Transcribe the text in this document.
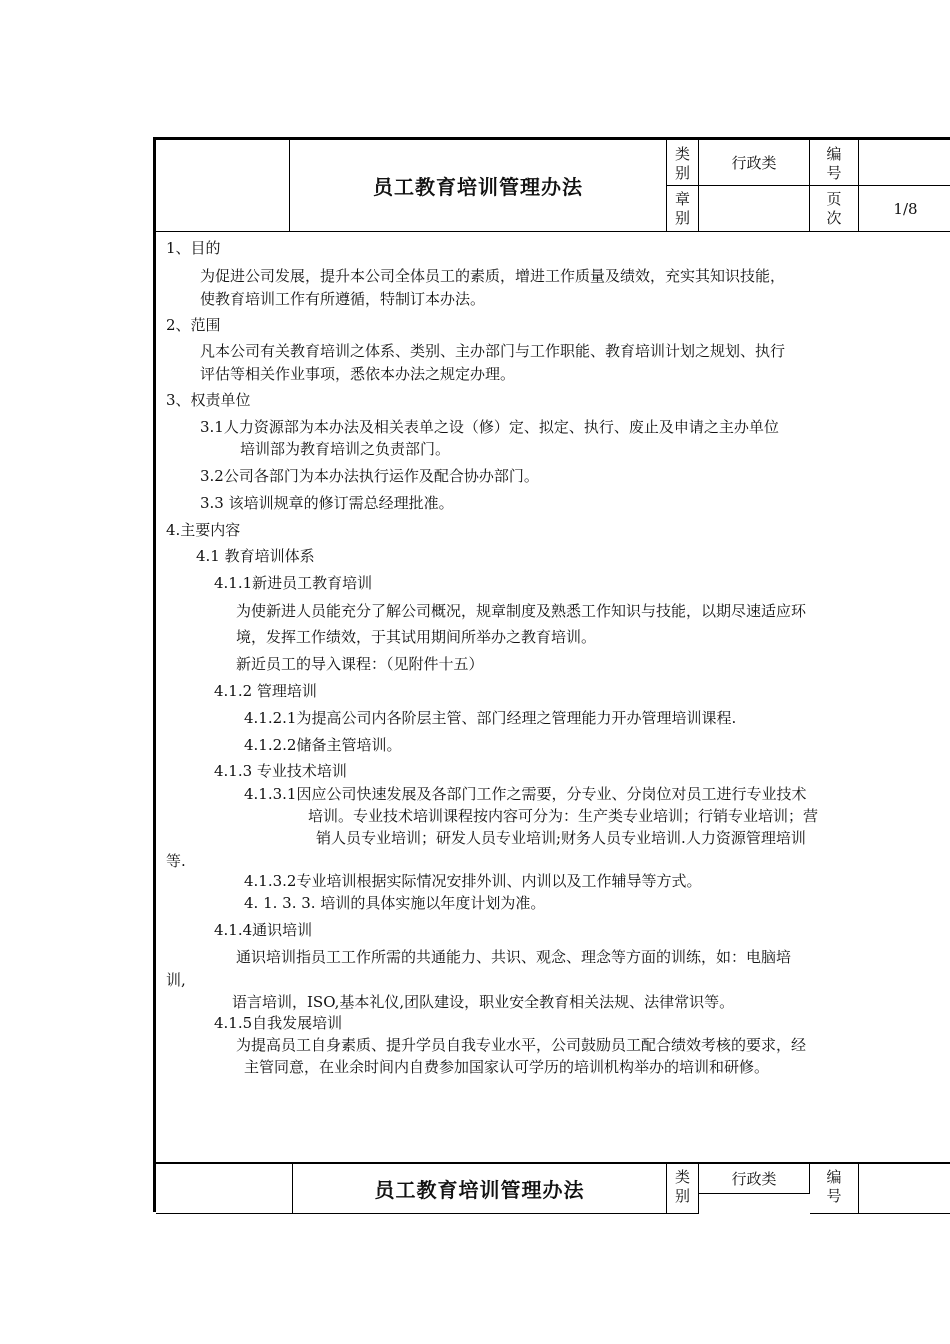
员工教育培训管理办法
类别
行政类	编号
章别
页次
1/8
1、目的
为促进公司发展，提升本公司全体员工的素质，增进工作质量及绩效，充实其知识技能，
使教育培训工作有所遵循，特制订本办法。
2、范围
凡本公司有关教育培训之体系、类别、主办部门与工作职能、教育培训计划之规划、执行
评估等相关作业事项，悉依本办法之规定办理。
3、权责单位
3.1人力资源部为本办法及相关表单之设（修）定、拟定、执行、废止及申请之主办单位
培训部为教育培训之负责部门。
3.2公司各部门为本办法执行运作及配合协办部门。
3.3 该培训规章的修订需总经理批准。
4.主要内容
4.1 教育培训体系
4.1.1新进员工教育培训
为使新进人员能充分了解公司概况，规章制度及熟悉工作知识与技能，以期尽速适应环
境，发挥工作绩效，于其试用期间所举办之教育培训。
新近员工的导入课程：（见附件十五）
4.1.2 管理培训
4.1.2.1为提高公司内各阶层主管、部门经理之管理能力开办管理培训课程.
4.1.2.2储备主管培训。
4.1.3 专业技术培训
4.1.3.1因应公司快速发展及各部门工作之需要，分专业、分岗位对员工进行专业技术
培训。专业技术培训课程按内容可分为：生产类专业培训；行销专业培训；营
销人员专业培训；研发人员专业培训;财务人员专业培训.人力资源管理培训
等.
4.1.3.2专业培训根据实际情况安排外训、内训以及工作辅导等方式。
4. 1. 3. 3. 培训的具体实施以年度计划为准。
4.1.4通识培训
通识培训指员工工作所需的共通能力、共识、观念、理念等方面的训练，如：电脑培
训,
语言培训，ISO,基本礼仪,团队建设，职业安全教育相关法规、法律常识等。
4.1.5自我发展培训
为提高员工自身素质、提升学员自我专业水平，公司鼓励员工配合绩效考核的要求，经
主管同意，在业余时间内自费参加国家认可学历的培训机构举办的培训和研修。
员工教育培训管理办法
类别
行政类	编号
